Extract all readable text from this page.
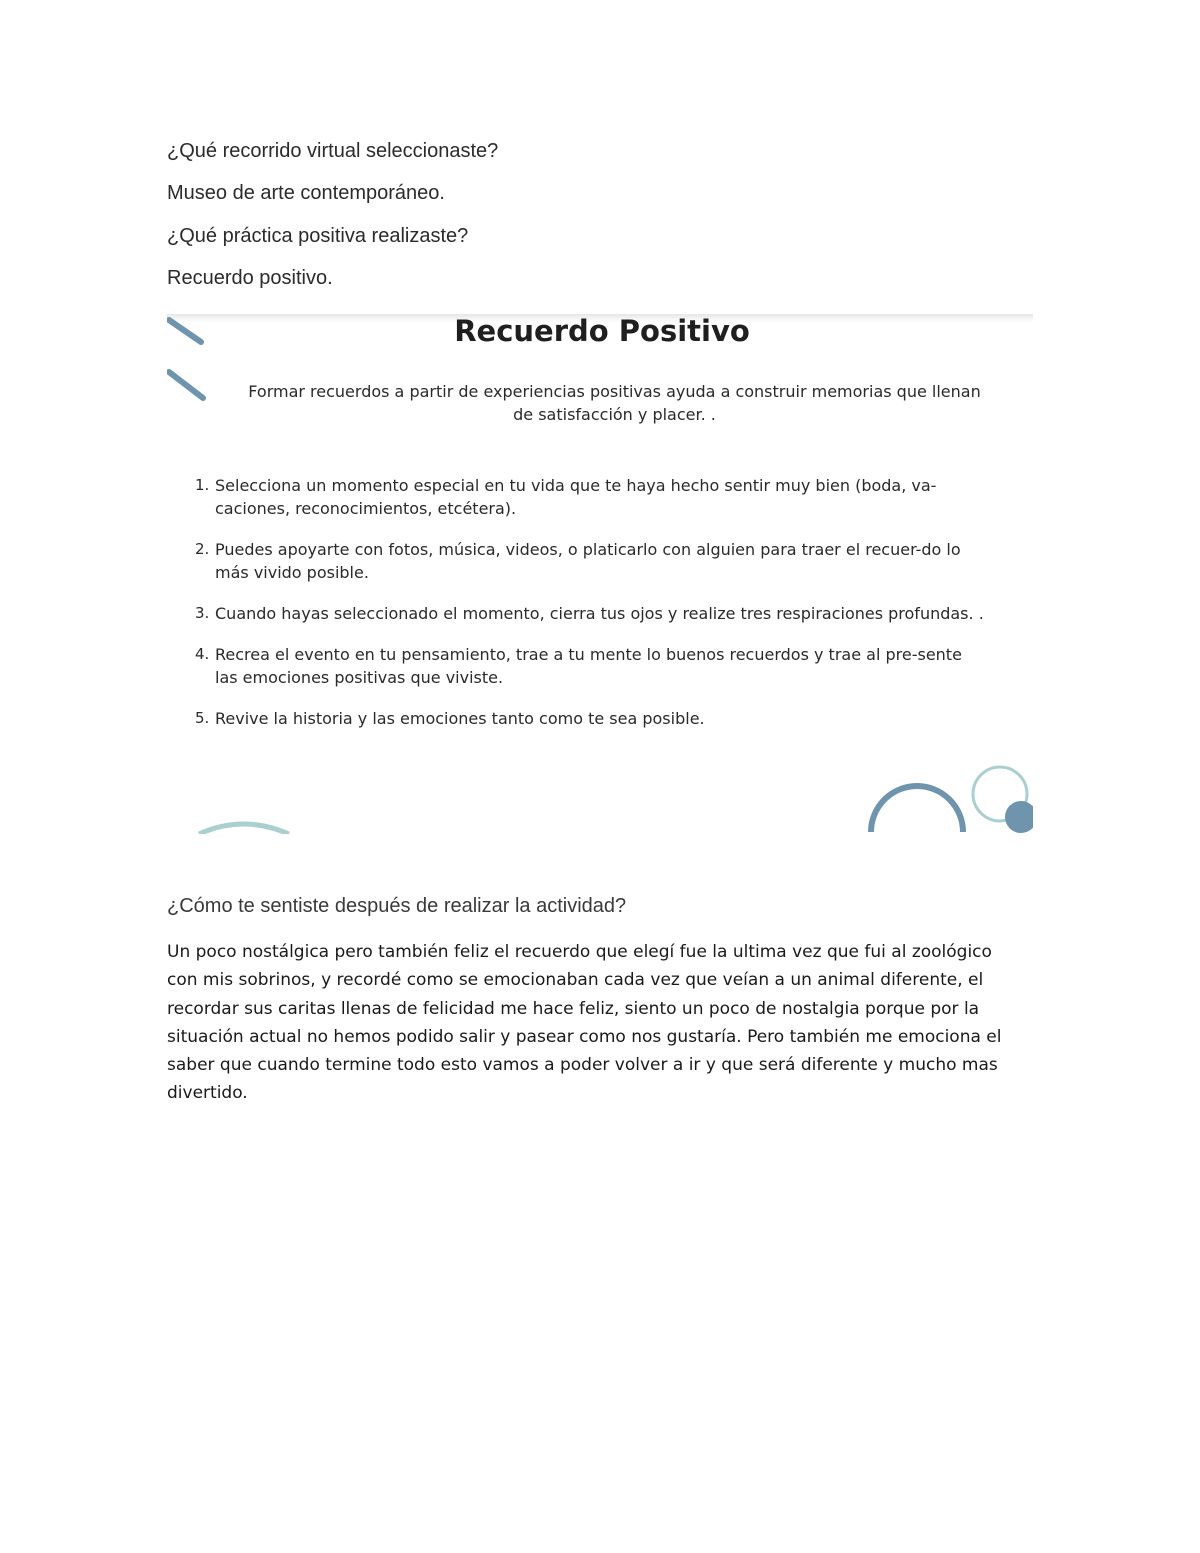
¿Qué recorrido virtual seleccionaste?
Museo de arte contemporáneo.
¿Qué práctica positiva realizaste?
Recuerdo positivo.
Recuerdo Positivo
Formar recuerdos a partir de experiencias positivas ayuda a construir memorias que llenan de satisfacción y placer. .
1. Selecciona un momento especial en tu vida que te haya hecho sentir muy bien (boda, va-caciones, reconocimientos, etcétera).
2. Puedes apoyarte con fotos, música, videos, o platicarlo con alguien para traer el recuer-do lo más vivido posible.
3. Cuando hayas seleccionado el momento, cierra tus ojos y realize tres respiraciones profundas. .
4. Recrea el evento en tu pensamiento, trae a tu mente lo buenos recuerdos y trae al pre-sente las emociones positivas que viviste.
5. Revive la historia y las emociones tanto como te sea posible.
¿Cómo te sentiste después de realizar la actividad?
Un poco nostálgica pero también feliz el recuerdo que elegí fue la ultima vez que fui al zoológico con mis sobrinos, y recordé como se emocionaban cada vez que veían a un animal diferente, el recordar sus caritas llenas de felicidad me hace feliz, siento un poco de nostalgia porque por la situación actual no hemos podido salir y pasear como nos gustaría. Pero también me emociona el saber que cuando termine todo esto vamos a poder volver a ir y que será diferente y mucho mas divertido.
